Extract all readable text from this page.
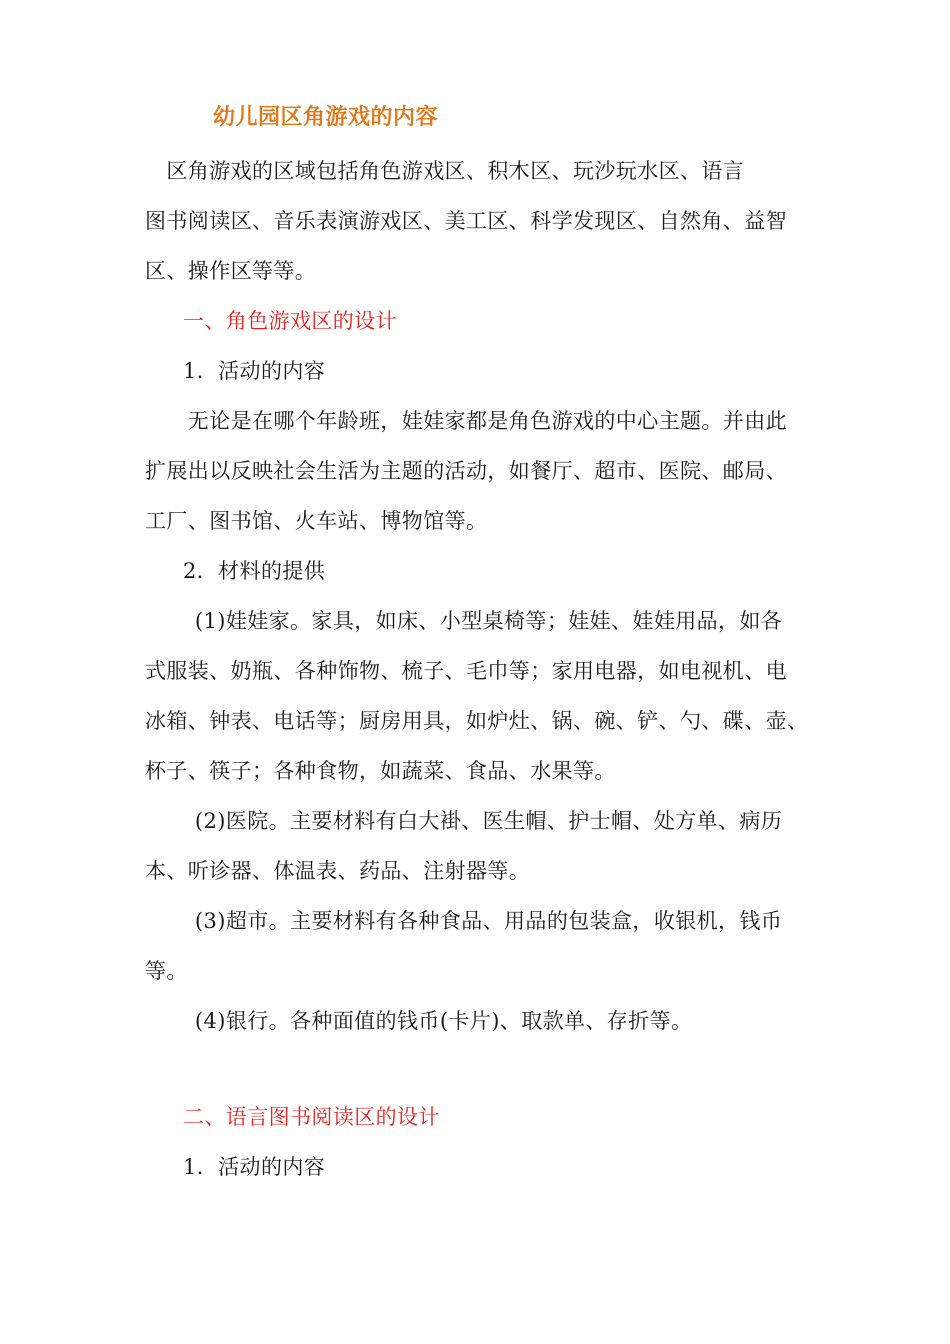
幼儿园区角游戏的内容
　区角游戏的区域包括角色游戏区、积木区、玩沙玩水区、语言
图书阅读区、音乐表演游戏区、美工区、科学发现区、自然角、益智
区、操作区等等。
一、角色游戏区的设计
1．活动的内容
　　无论是在哪个年龄班，娃娃家都是角色游戏的中心主题。并由此
扩展出以反映社会生活为主题的活动，如餐厅、超市、医院、邮局、
工厂、图书馆、火车站、博物馆等。
2．材料的提供
　　 (1)娃娃家。家具，如床、小型桌椅等；娃娃、娃娃用品，如各
式服装、奶瓶、各种饰物、梳子、毛巾等；家用电器，如电视机、电
冰箱、钟表、电话等；厨房用具，如炉灶、锅、碗、铲、勺、碟、壶、
杯子、筷子；各种食物，如蔬菜、食品、水果等。
　　 (2)医院。主要材料有白大褂、医生帽、护士帽、处方单、病历
本、听诊器、体温表、药品、注射器等。
　　 (3)超市。主要材料有各种食品、用品的包装盒，收银机，钱币
等。
　　 (4)银行。各种面值的钱币(卡片)、取款单、存折等。
二、语言图书阅读区的设计
1．活动的内容
